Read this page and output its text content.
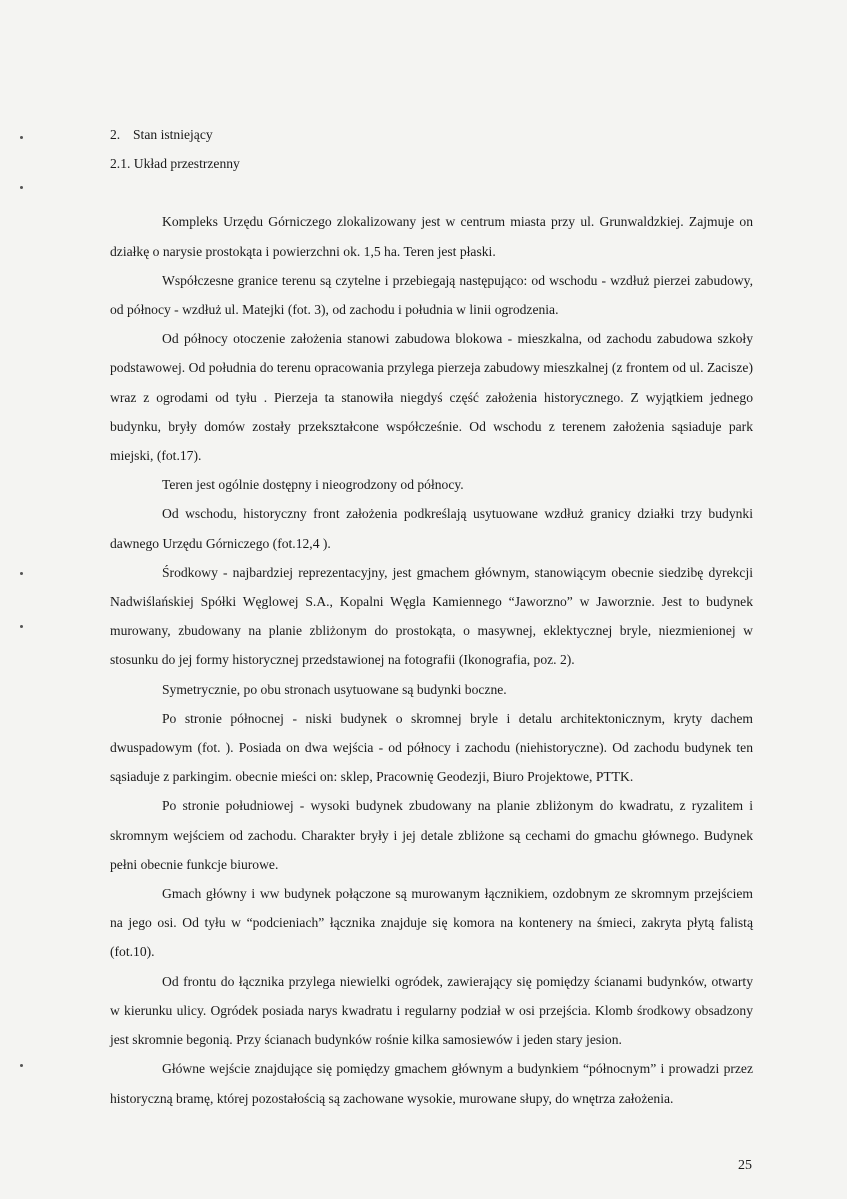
2. Stan istniejący
2.1. Układ przestrzenny

Kompleks Urzędu Górniczego zlokalizowany jest w centrum miasta przy ul. Grunwaldzkiej. Zajmuje on działkę o narysie prostokąta i powierzchni ok. 1,5 ha. Teren jest płaski.

Współczesne granice terenu są czytelne i przebiegają następująco: od wschodu - wzdłuż pierzei zabudowy, od północy - wzdłuż ul. Matejki (fot. 3), od zachodu i południa w linii ogrodzenia.

Od północy otoczenie założenia stanowi zabudowa blokowa - mieszkalna, od zachodu zabudowa szkoły podstawowej. Od południa do terenu opracowania przylega pierzeja zabudowy mieszkalnej (z frontem od ul. Zacisze) wraz z ogrodami od tyłu . Pierzeja ta stanowiła niegdyś część założenia historycznego. Z wyjątkiem jednego budynku, bryły domów zostały przekształcone współcześnie. Od wschodu z terenem założenia sąsiaduje park miejski, (fot.17).

Teren jest ogólnie dostępny i nieogrodzony od północy.

Od wschodu, historyczny front założenia podkreślają usytuowane wzdłuż granicy działki trzy budynki dawnego Urzędu Górniczego (fot.12,4 ).

Środkowy - najbardziej reprezentacyjny, jest gmachem głównym, stanowiącym obecnie siedzibę dyrekcji Nadwiślańskiej Spółki Węglowej S.A., Kopalni Węgla Kamiennego “Jaworzno” w Jaworznie. Jest to budynek murowany, zbudowany na planie zbliżonym do prostokąta, o masywnej, eklektycznej bryle, niezmienionej w stosunku do jej formy historycznej przedstawionej na fotografii (Ikonografia, poz. 2).

Symetrycznie, po obu stronach usytuowane są budynki boczne.

Po stronie północnej - niski budynek o skromnej bryle i detalu architektonicznym, kryty dachem dwuspadowym (fot. ). Posiada on dwa wejścia - od północy i zachodu (niehistoryczne). Od zachodu budynek ten sąsiaduje z parkingim. obecnie mieści on: sklep, Pracownię Geodezji, Biuro Projektowe, PTTK.

Po stronie południowej - wysoki budynek zbudowany na planie zbliżonym do kwadratu, z ryzalitem i skromnym wejściem od zachodu. Charakter bryły i jej detale zbliżone są cechami do gmachu głównego. Budynek pełni obecnie funkcje biurowe.

Gmach główny i ww budynek połączone są murowanym łącznikiem, ozdobnym ze skromnym przejściem na jego osi. Od tyłu w “podcieniach” łącznika znajduje się komora na kontenery na śmieci, zakryta płytą falistą (fot.10).

Od frontu do łącznika przylega niewielki ogródek, zawierający się pomiędzy ścianami budynków, otwarty w kierunku ulicy. Ogródek posiada narys kwadratu i regularny podział w osi przejścia. Klomb środkowy obsadzony jest skromnie begonią. Przy ścianach budynków rośnie kilka samosiewów i jeden stary jesion.

Główne wejście znajdujące się pomiędzy gmachem głównym a budynkiem “północnym” i prowadzi przez historyczną bramę, której pozostałością są zachowane wysokie, murowane słupy, do wnętrza założenia.

25
